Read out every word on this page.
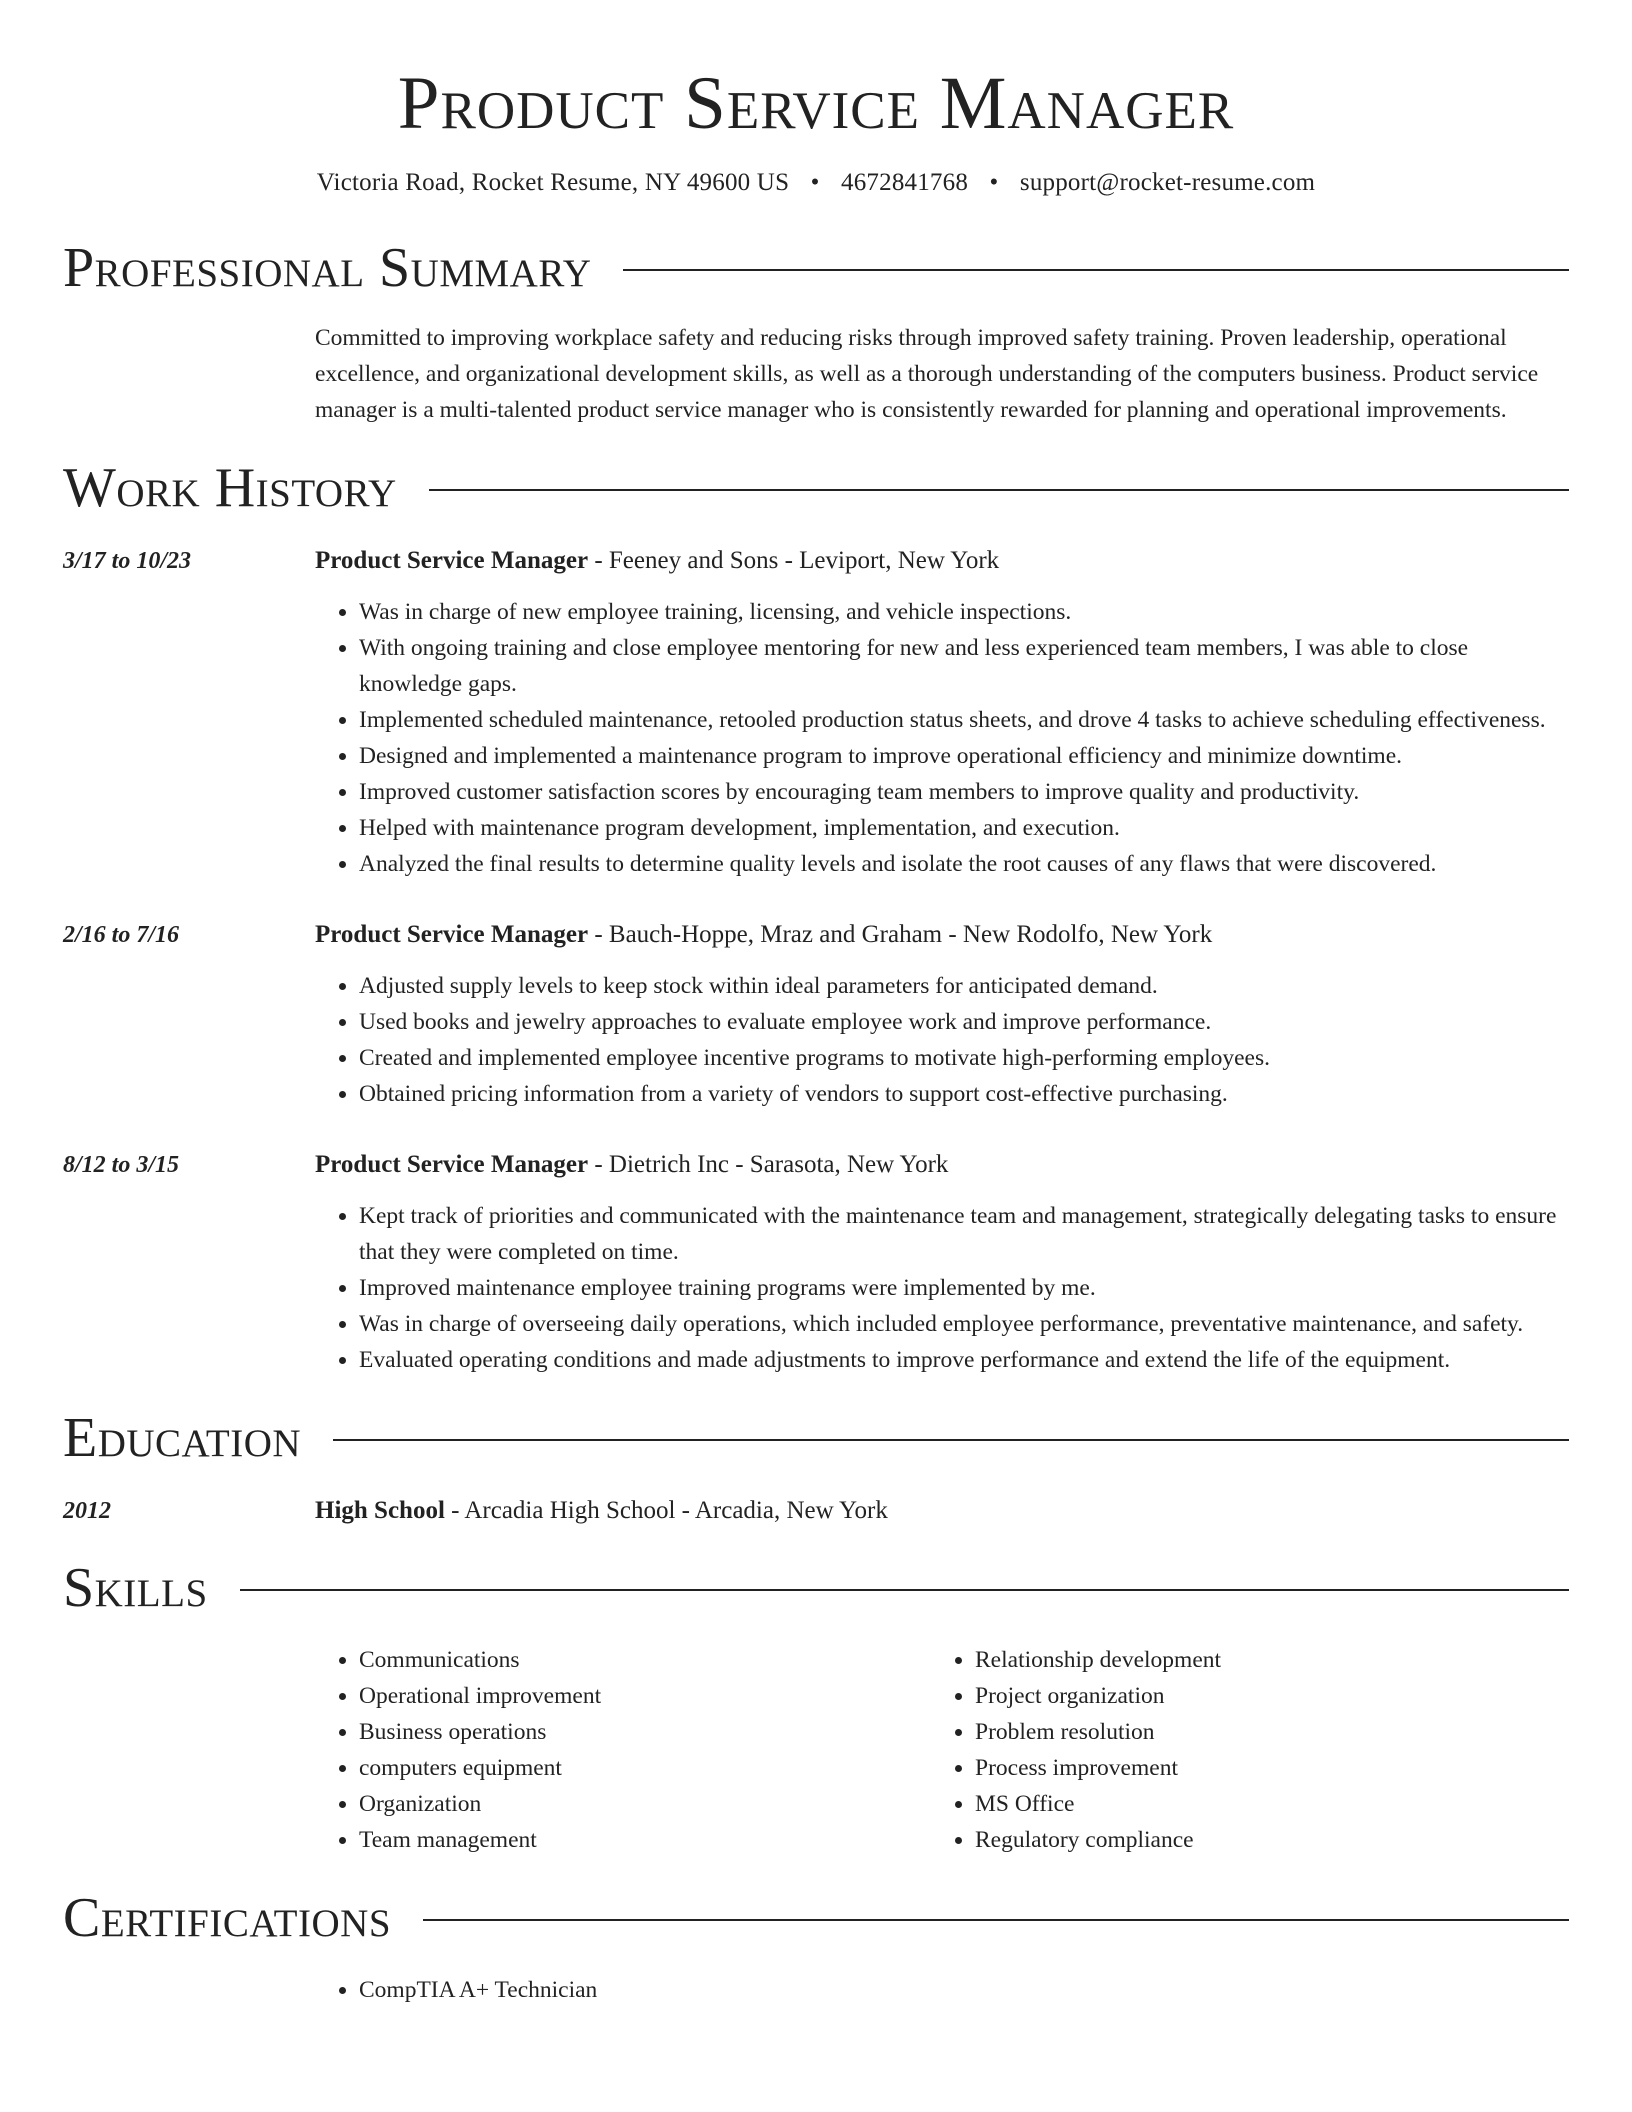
Product Service Manager
Victoria Road, Rocket Resume, NY 49600 US • 4672841768 • support@rocket-resume.com
Professional Summary
Committed to improving workplace safety and reducing risks through improved safety training. Proven leadership, operational excellence, and organizational development skills, as well as a thorough understanding of the computers business. Product service manager is a multi-talented product service manager who is consistently rewarded for planning and operational improvements.
Work History
3/17 to 10/23	Product Service Manager - Feeney and Sons - Leviport, New York
• Was in charge of new employee training, licensing, and vehicle inspections.
• With ongoing training and close employee mentoring for new and less experienced team members, I was able to close knowledge gaps.
• Implemented scheduled maintenance, retooled production status sheets, and drove 4 tasks to achieve scheduling effectiveness.
• Designed and implemented a maintenance program to improve operational efficiency and minimize downtime.
• Improved customer satisfaction scores by encouraging team members to improve quality and productivity.
• Helped with maintenance program development, implementation, and execution.
• Analyzed the final results to determine quality levels and isolate the root causes of any flaws that were discovered.
2/16 to 7/16	Product Service Manager - Bauch-Hoppe, Mraz and Graham - New Rodolfo, New York
• Adjusted supply levels to keep stock within ideal parameters for anticipated demand.
• Used books and jewelry approaches to evaluate employee work and improve performance.
• Created and implemented employee incentive programs to motivate high-performing employees.
• Obtained pricing information from a variety of vendors to support cost-effective purchasing.
8/12 to 3/15	Product Service Manager - Dietrich Inc - Sarasota, New York
• Kept track of priorities and communicated with the maintenance team and management, strategically delegating tasks to ensure that they were completed on time.
• Improved maintenance employee training programs were implemented by me.
• Was in charge of overseeing daily operations, which included employee performance, preventative maintenance, and safety.
• Evaluated operating conditions and made adjustments to improve performance and extend the life of the equipment.
Education
2012	High School - Arcadia High School - Arcadia, New York
Skills
• Communications
• Operational improvement
• Business operations
• computers equipment
• Organization
• Team management
• Relationship development
• Project organization
• Problem resolution
• Process improvement
• MS Office
• Regulatory compliance
Certifications
• CompTIA A+ Technician
